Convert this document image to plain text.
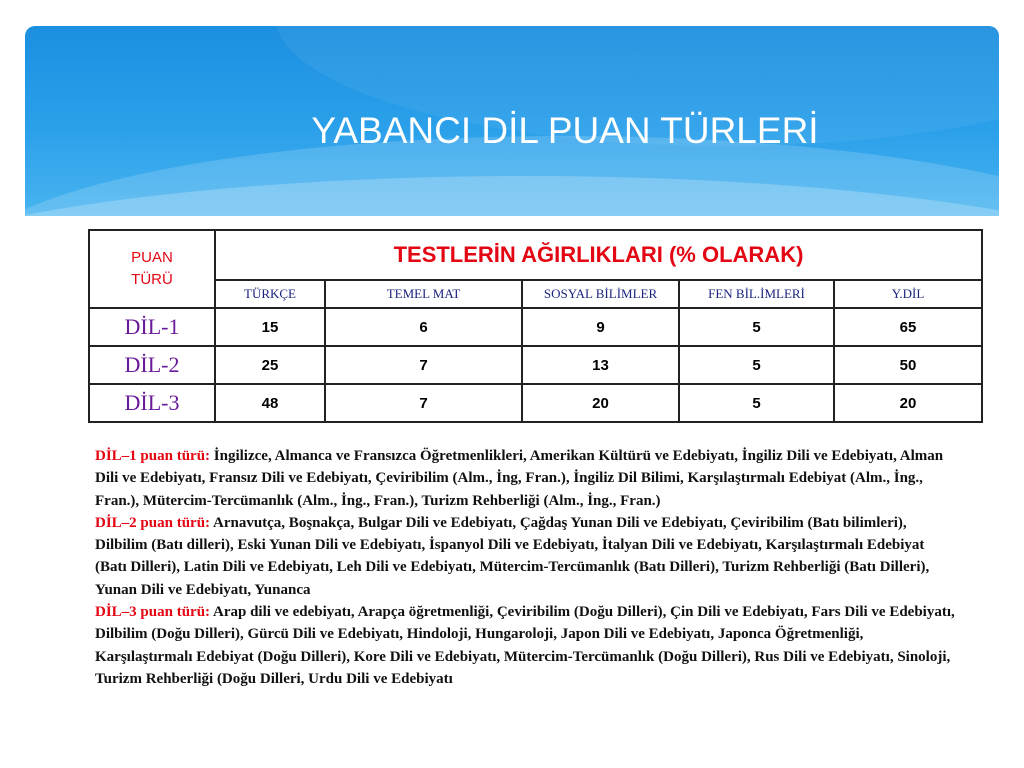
YABANCI DİL PUAN TÜRLERİ
PUAN
TÜRÜ	TESTLERİN AĞIRLIKLARI (% OLARAK)				
	TÜRKÇE	TEMEL MAT	SOSYAL BİLİMLER	FEN BİL.İMLERİ	Y.DİL
DİL-1	15	6	9	5	65
DİL-2	25	7	13	5	50
DİL-3	48	7	20	5	20

DİL–1 puan türü: İngilizce, Almanca ve Fransızca Öğretmenlikleri, Amerikan Kültürü ve Edebiyatı, İngiliz Dili ve Edebiyatı, Alman Dili ve Edebiyatı, Fransız Dili ve Edebiyatı, Çeviribilim (Alm., İng, Fran.), İngiliz Dil Bilimi, Karşılaştırmalı Edebiyat (Alm., İng., Fran.), Mütercim-Tercümanlık (Alm., İng., Fran.), Turizm Rehberliği (Alm., İng., Fran.)

DİL–2 puan türü: Arnavutça, Boşnakça, Bulgar Dili ve Edebiyatı, Çağdaş Yunan Dili ve Edebiyatı, Çeviribilim (Batı bilimleri), Dilbilim (Batı dilleri), Eski Yunan Dili ve Edebiyatı, İspanyol Dili ve Edebiyatı, İtalyan Dili ve Edebiyatı, Karşılaştırmalı Edebiyat (Batı Dilleri), Latin Dili ve Edebiyatı, Leh Dili ve Edebiyatı, Mütercim-Tercümanlık (Batı Dilleri), Turizm Rehberliği (Batı Dilleri), Yunan Dili ve Edebiyatı, Yunanca

DİL–3 puan türü: Arap dili ve edebiyatı, Arapça öğretmenliği, Çeviribilim (Doğu Dilleri), Çin Dili ve Edebiyatı, Fars Dili ve Edebiyatı, Dilbilim (Doğu Dilleri), Gürcü Dili ve Edebiyatı, Hindoloji, Hungaroloji, Japon Dili ve Edebiyatı, Japonca Öğretmenliği, Karşılaştırmalı Edebiyat (Doğu Dilleri), Kore Dili ve Edebiyatı, Mütercim-Tercümanlık (Doğu Dilleri), Rus Dili ve Edebiyatı, Sinoloji, Turizm Rehberliği (Doğu Dilleri, Urdu Dili ve Edebiyatı
